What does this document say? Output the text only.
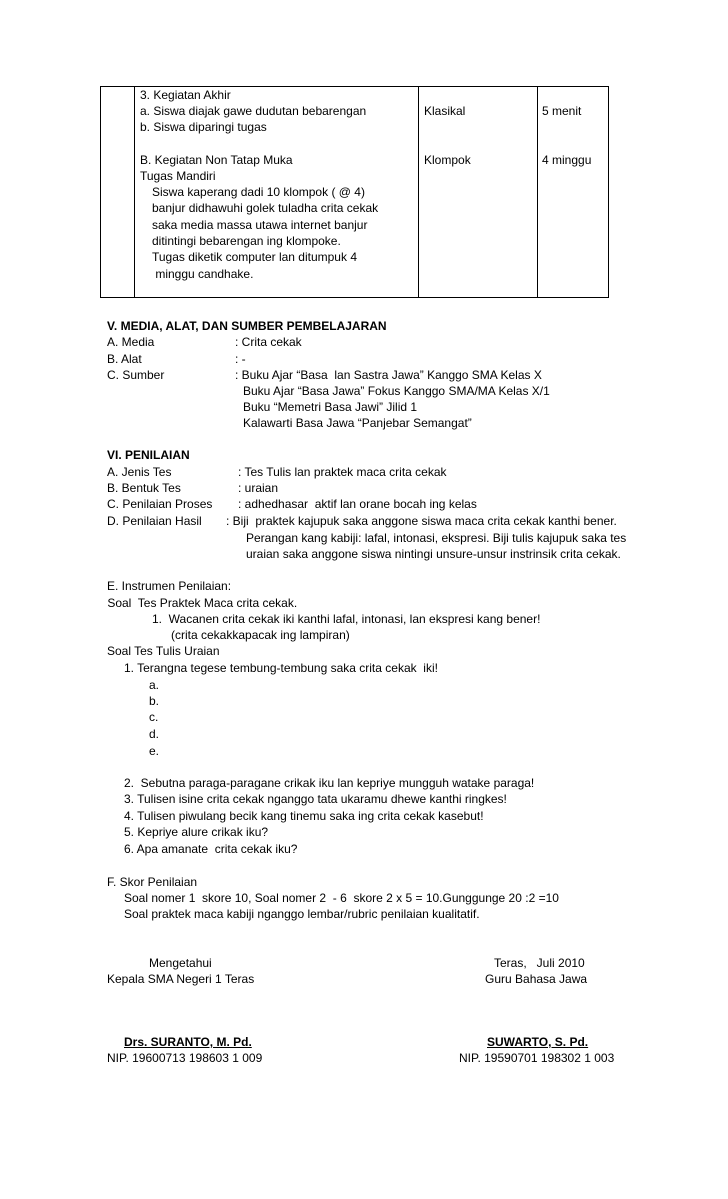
3. Kegiatan Akhir
a. Siswa diajak gawe dudutan bebarengan	Klasikal	5 menit
b. Siswa diparingi tugas
B. Kegiatan Non Tatap Muka	Klompok	4 minggu
Tugas Mandiri
Siswa kaperang dadi 10 klompok ( @ 4)
banjur didhawuhi golek tuladha crita cekak
saka media massa utawa internet banjur
ditintingi bebarengan ing klompoke.
Tugas diketik computer lan ditumpuk 4
minggu candhake.
V. MEDIA, ALAT, DAN SUMBER PEMBELAJARAN
A. Media	: Crita cekak
B. Alat	: -
C. Sumber	: Buku Ajar “Basa  lan Sastra Jawa” Kanggo SMA Kelas X
Buku Ajar “Basa Jawa” Fokus Kanggo SMA/MA Kelas X/1
Buku “Memetri Basa Jawi” Jilid 1
Kalawarti Basa Jawa “Panjebar Semangat”
VI. PENILAIAN
A. Jenis Tes	: Tes Tulis lan praktek maca crita cekak
B. Bentuk Tes	: uraian
C. Penilaian Proses : adhedhasar  aktif lan orane bocah ing kelas
D. Penilaian Hasil : Biji  praktek kajupuk saka anggone siswa maca crita cekak kanthi bener.
Perangan kang kabiji: lafal, intonasi, ekspresi. Biji tulis kajupuk saka tes
uraian saka anggone siswa nintingi unsure-unsur instrinsik crita cekak.
E. Instrumen Penilaian:
Soal  Tes Praktek Maca crita cekak.
1.  Wacanen crita cekak iki kanthi lafal, intonasi, lan ekspresi kang bener!
(crita cekakkapacak ing lampiran)
Soal Tes Tulis Uraian
1. Terangna tegese tembung-tembung saka crita cekak  iki!
a.
b.
c.
d.
e.
2.  Sebutna paraga-paragane crikak iku lan kepriye mungguh watake paraga!
3. Tulisen isine crita cekak nganggo tata ukaramu dhewe kanthi ringkes!
4. Tulisen piwulang becik kang tinemu saka ing crita cekak kasebut!
5. Kepriye alure crikak iku?
6. Apa amanate  crita cekak iku?
F. Skor Penilaian
Soal nomer 1  skore 10, Soal nomer 2  - 6  skore 2 x 5 = 10.Gunggunge 20 :2 =10
Soal praktek maca kabiji nganggo lembar/rubric penilaian kualitatif.
Mengetahui
Kepala SMA Negeri 1 Teras
Drs. SURANTO, M. Pd.
NIP. 19600713 198603 1 009
Teras,   Juli 2010
Guru Bahasa Jawa
SUWARTO, S. Pd.
NIP. 19590701 198302 1 003
